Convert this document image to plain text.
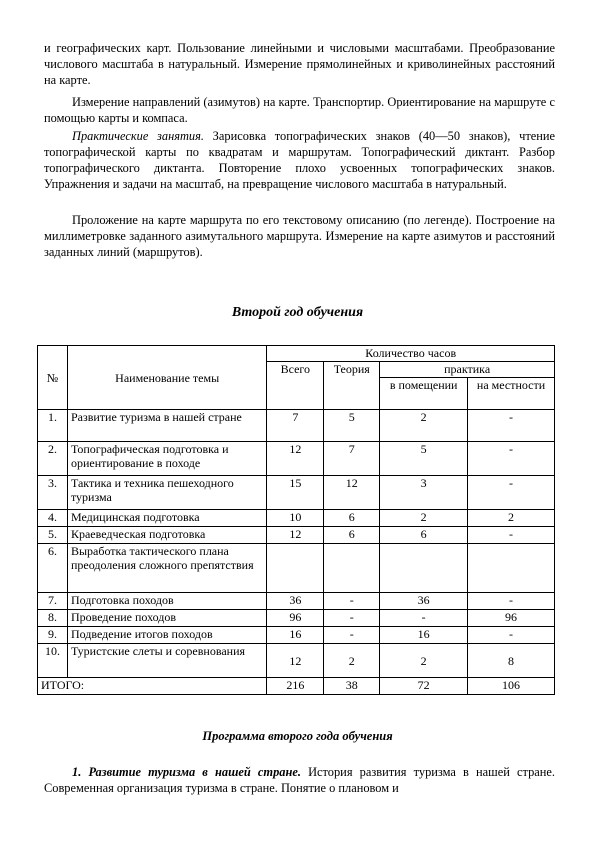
и географических карт. Пользование линейными и числовыми масштабами. Преобразование числового масштаба в натуральный. Измерение прямолинейных и криволинейных расстояний на карте.
Измерение направлений (азимутов) на карте. Транспортир. Ориентирование на маршруте с помощью карты и компаса.
Практические занятия. Зарисовка топографических знаков (40—50 знаков), чтение топографической карты по квадратам и маршрутам. Топографический диктант. Разбор топографического диктанта. Повторение плохо усвоенных топографических знаков. Упражнения и задачи на масштаб, на превращение числового масштаба в натуральный.
Проложение на карте маршрута по его текстовому описанию (по легенде). Построение на миллиметровке заданного азимутального маршрута. Измерение на карте азимутов и расстояний заданных линий (маршрутов).
Второй год обучения
№	Наименование темы	Количество часов			
		Всего	Теория	практика	
				в помещении	на местности
1.	Развитие туризма в нашей стране	7	5	2	-
2.	Топографическая подготовка и ориентирование в походе	12	7	5	-
3.	Тактика и техника пешеходного туризма	15	12	3	-
4.	Медицинская подготовка	10	6	2	2
5.	Краеведческая подготовка	12	6	6	-
6.	Выработка тактического плана преодоления сложного препятствия				
7.	Подготовка походов	36	-	36	-
8.	Проведение походов	96	-	-	96
9.	Подведение итогов походов	16	-	16	-
10.	Туристские слеты и соревнования	12	2	2	8
ИТОГО:		216	38	72	106
Программа второго года обучения
1. Развитие туризма в нашей стране. История развития туризма в нашей стране. Современная организация туризма в стране. Понятие о плановом и
